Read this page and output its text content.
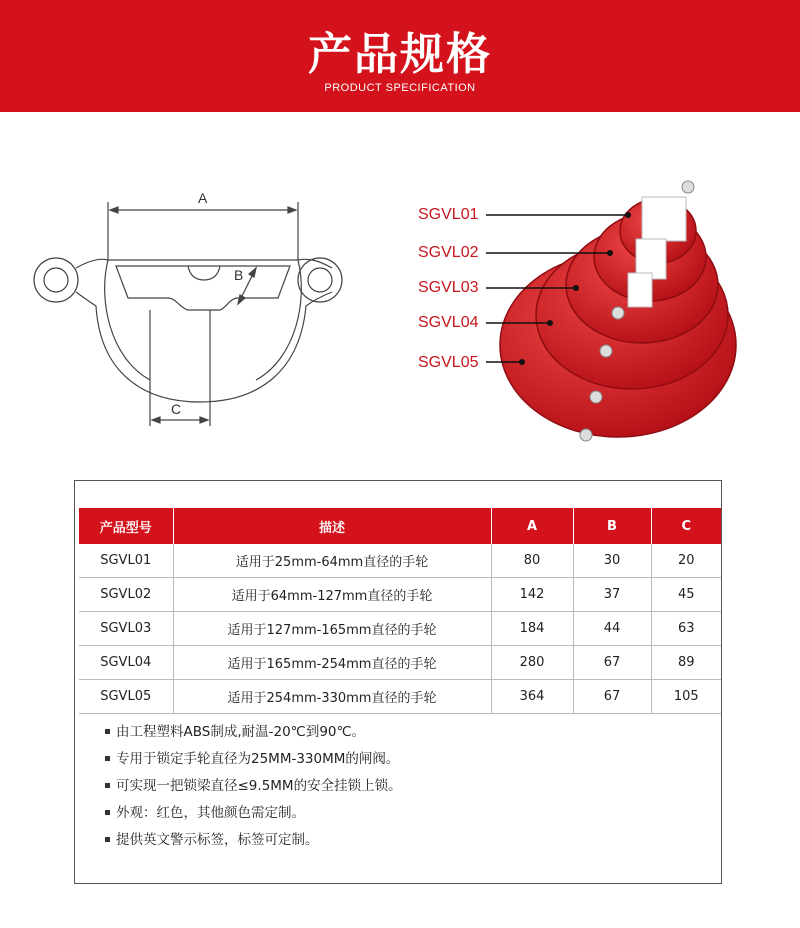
产品规格
PRODUCT SPECIFICATION
A
B
C
SGVL01
SGVL02
SGVL03
SGVL04
SGVL05
产品型号	描述	A	B	C
SGVL01	适用于25mm-64mm直径的手轮	80	30	20
SGVL02	适用于64mm-127mm直径的手轮	142	37	45
SGVL03	适用于127mm-165mm直径的手轮	184	44	63
SGVL04	适用于165mm-254mm直径的手轮	280	67	89
SGVL05	适用于254mm-330mm直径的手轮	364	67	105
由工程塑料ABS制成,耐温-20℃到90℃。
专用于锁定手轮直径为25MM-330MM的闸阀。
可实现一把锁梁直径≤9.5MM的安全挂锁上锁。
外观：红色，其他颜色需定制。
提供英文警示标签，标签可定制。
